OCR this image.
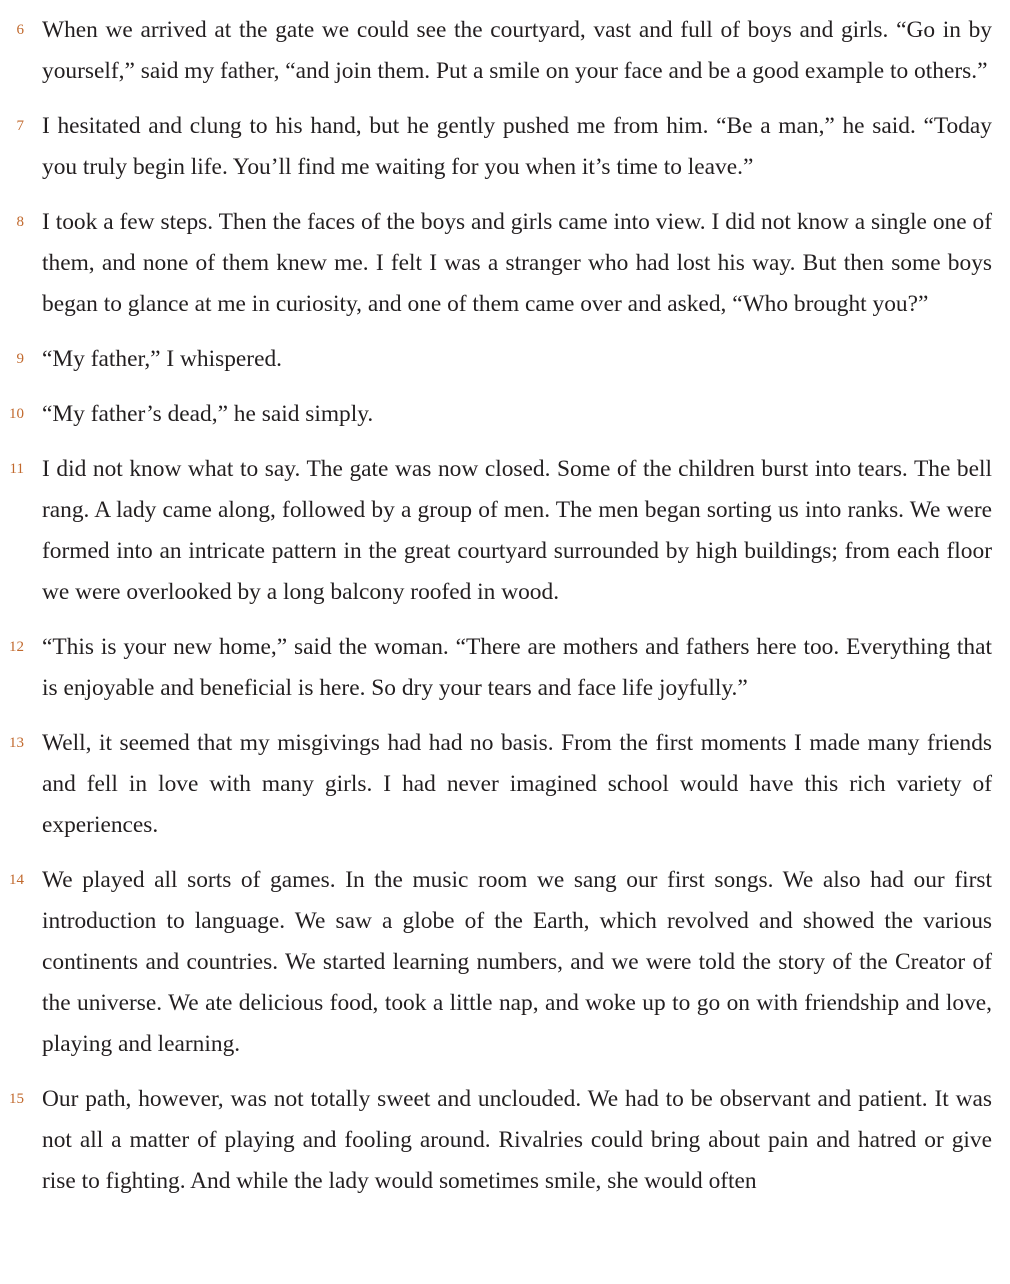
6 When we arrived at the gate we could see the courtyard, vast and full of boys and girls. “Go in by yourself,” said my father, “and join them. Put a smile on your face and be a good example to others.”
7 I hesitated and clung to his hand, but he gently pushed me from him. “Be a man,” he said. “Today you truly begin life. You’ll find me waiting for you when it’s time to leave.”
8 I took a few steps. Then the faces of the boys and girls came into view. I did not know a single one of them, and none of them knew me. I felt I was a stranger who had lost his way. But then some boys began to glance at me in curiosity, and one of them came over and asked, “Who brought you?”
9 “My father,” I whispered.
10 “My father’s dead,” he said simply.
11 I did not know what to say. The gate was now closed. Some of the children burst into tears. The bell rang. A lady came along, followed by a group of men. The men began sorting us into ranks. We were formed into an intricate pattern in the great courtyard surrounded by high buildings; from each floor we were overlooked by a long balcony roofed in wood.
12 “This is your new home,” said the woman. “There are mothers and fathers here too. Everything that is enjoyable and beneficial is here. So dry your tears and face life joyfully.”
13 Well, it seemed that my misgivings had had no basis. From the first moments I made many friends and fell in love with many girls. I had never imagined school would have this rich variety of experiences.
14 We played all sorts of games. In the music room we sang our first songs. We also had our first introduction to language. We saw a globe of the Earth, which revolved and showed the various continents and countries. We started learning numbers, and we were told the story of the Creator of the universe. We ate delicious food, took a little nap, and woke up to go on with friendship and love, playing and learning.
15 Our path, however, was not totally sweet and unclouded. We had to be observant and patient. It was not all a matter of playing and fooling around. Rivalries could bring about pain and hatred or give rise to fighting. And while the lady would sometimes smile, she would often
